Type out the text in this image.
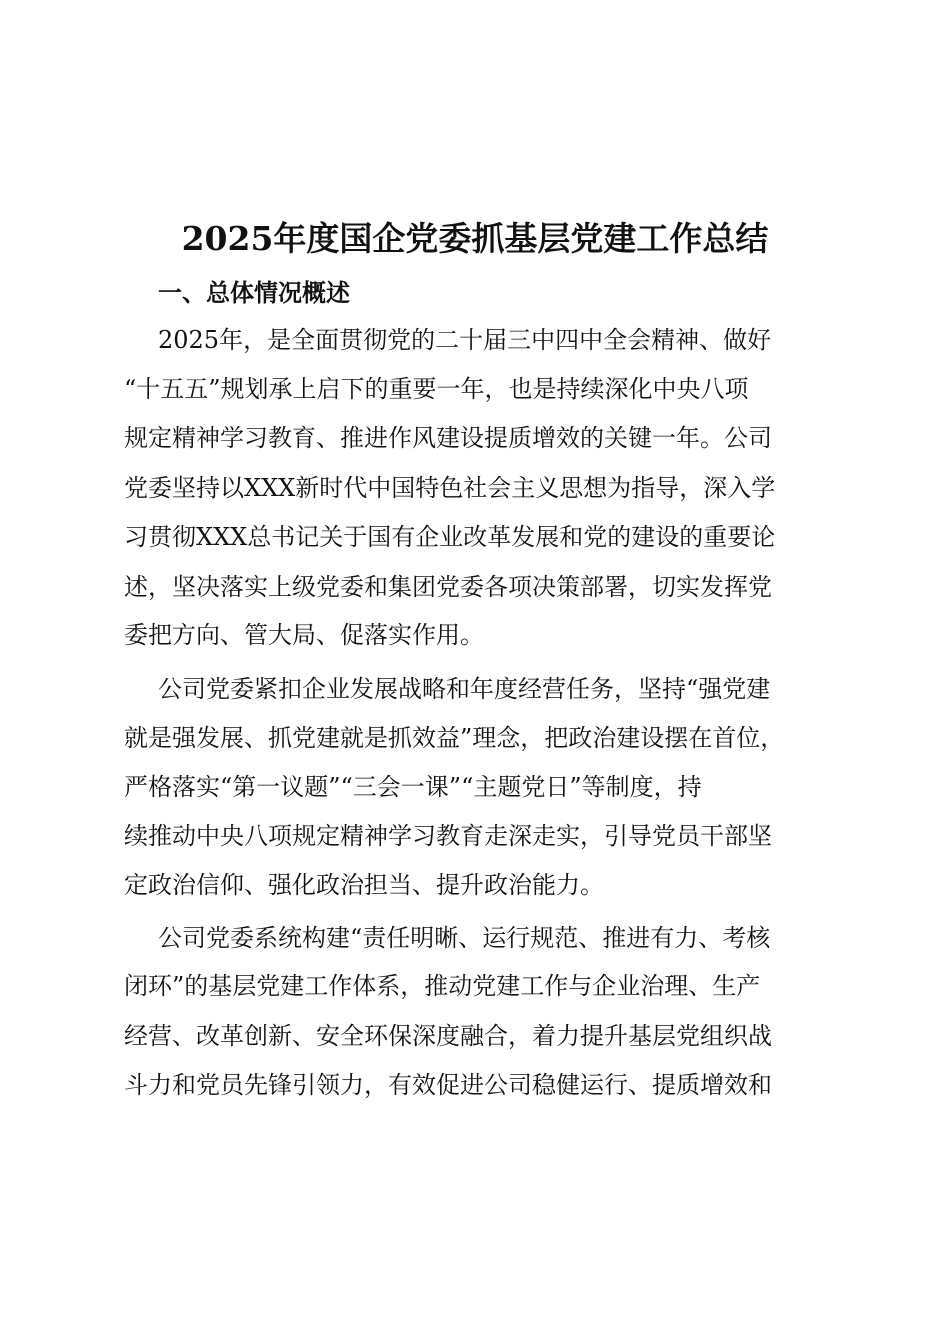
2025年度国企党委抓基层党建工作总结
一、总体情况概述

2025年，是全面贯彻党的二十届三中四中全会精神、做好

“十五五”规划承上启下的重要一年，也是持续深化中央八项

规定精神学习教育、推进作风建设提质增效的关键一年。公司

党委坚持以XXX新时代中国特色社会主义思想为指导，深入学

习贯彻XXX总书记关于国有企业改革发展和党的建设的重要论

述，坚决落实上级党委和集团党委各项决策部署，切实发挥党

委把方向、管大局、促落实作用。

公司党委紧扣企业发展战略和年度经营任务，坚持“强党建

就是强发展、抓党建就是抓效益”理念，把政治建设摆在首位，

严格落实“第一议题”“三会一课”“主题党日”等制度，持

续推动中央八项规定精神学习教育走深走实，引导党员干部坚

定政治信仰、强化政治担当、提升政治能力。

公司党委系统构建“责任明晰、运行规范、推进有力、考核

闭环”的基层党建工作体系，推动党建工作与企业治理、生产

经营、改革创新、安全环保深度融合，着力提升基层党组织战

斗力和党员先锋引领力，有效促进公司稳健运行、提质增效和
